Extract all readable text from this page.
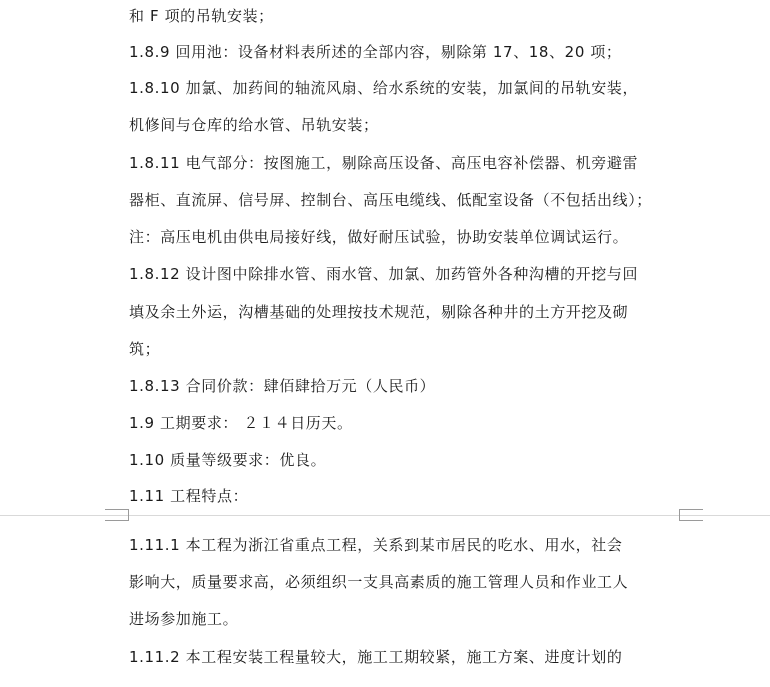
和 F 项的吊轨安装；
1.8.9 回用池：设备材料表所述的全部内容，剔除第 17、18、20 项；
1.8.10 加氯、加药间的轴流风扇、给水系统的安装，加氯间的吊轨安装，
机修间与仓库的给水管、吊轨安装；
1.8.11 电气部分：按图施工，剔除高压设备、高压电容补偿器、机旁避雷
器柜、直流屏、信号屏、控制台、高压电缆线、低配室设备（不包括出线）；
注：高压电机由供电局接好线，做好耐压试验，协助安装单位调试运行。
1.8.12 设计图中除排水管、雨水管、加氯、加药管外各种沟槽的开挖与回
填及余土外运，沟槽基础的处理按技术规范，剔除各种井的土方开挖及砌
筑；
1.8.13 合同价款：肆佰肆拾万元（人民币）
1.9 工期要求： ２１４日历天。
1.10 质量等级要求：优良。
1.11 工程特点：
1.11.1 本工程为浙江省重点工程，关系到某市居民的吃水、用水，社会
影响大，质量要求高，必须组织一支具高素质的施工管理人员和作业工人
进场参加施工。
1.11.2 本工程安装工程量较大，施工工期较紧，施工方案、进度计划的
